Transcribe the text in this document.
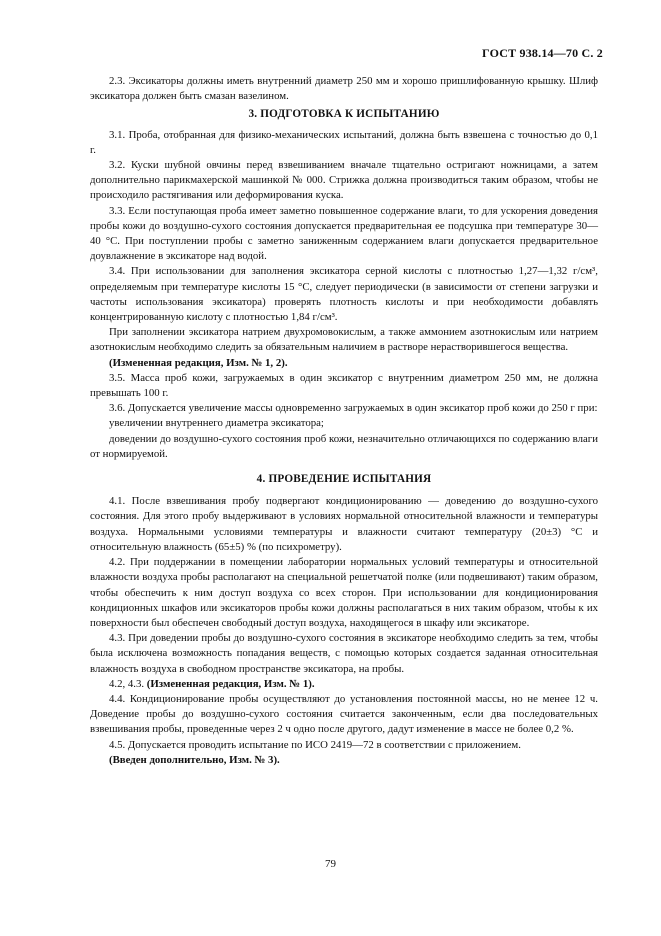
ГОСТ 938.14—70 С. 2

2.3. Эксикаторы должны иметь внутренний диаметр 250 мм и хорошо пришлифованную крышку. Шлиф эксикатора должен быть смазан вазелином.

3. ПОДГОТОВКА К ИСПЫТАНИЮ

3.1. Проба, отобранная для физико-механических испытаний, должна быть взвешена с точностью до 0,1 г.

3.2. Куски шубной овчины перед взвешиванием вначале тщательно остригают ножницами, а затем дополнительно парикмахерской машинкой № 000. Стрижка должна производиться таким образом, чтобы не происходило растягивания или деформирования куска.

3.3. Если поступающая проба имеет заметно повышенное содержание влаги, то для ускорения доведения пробы кожи до воздушно-сухого состояния допускается предварительная ее подсушка при температуре 30—40 °С. При поступлении пробы с заметно заниженным содержанием влаги допускается предварительное доувлажнение в эксикаторе над водой.

3.4. При использовании для заполнения эксикатора серной кислоты с плотностью 1,27—1,32 г/см³, определяемым при температуре кислоты 15 °С, следует периодически (в зависимости от степени загрузки и частоты использования эксикатора) проверять плотность кислоты и при необходимости добавлять концентрированную кислоту с плотностью 1,84 г/см³.

При заполнении эксикатора натрием двухромовокислым, а также аммонием азотнокислым или натрием азотнокислым необходимо следить за обязательным наличием в растворе нерастворившегося вещества.

(Измененная редакция, Изм. № 1, 2).

3.5. Масса проб кожи, загружаемых в один эксикатор с внутренним диаметром 250 мм, не должна превышать 100 г.

3.6. Допускается увеличение массы одновременно загружаемых в один эксикатор проб кожи до 250 г при:

увеличении внутреннего диаметра эксикатора;

доведении до воздушно-сухого состояния проб кожи, незначительно отличающихся по содержанию влаги от нормируемой.

4. ПРОВЕДЕНИЕ ИСПЫТАНИЯ

4.1. После взвешивания пробу подвергают кондиционированию — доведению до воздушно-сухого состояния. Для этого пробу выдерживают в условиях нормальной относительной влажности и температуры воздуха. Нормальными условиями температуры и влажности считают температуру (20±3) °С и относительную влажность (65±5) % (по психрометру).

4.2. При поддержании в помещении лаборатории нормальных условий температуры и относительной влажности воздуха пробы располагают на специальной решетчатой полке (или подвешивают) таким образом, чтобы обеспечить к ним доступ воздуха со всех сторон. При использовании для кондиционирования кондиционных шкафов или эксикаторов пробы кожи должны располагаться в них таким образом, чтобы к их поверхности был обеспечен свободный доступ воздуха, находящегося в шкафу или эксикаторе.

4.3. При доведении пробы до воздушно-сухого состояния в эксикаторе необходимо следить за тем, чтобы была исключена возможность попадания веществ, с помощью которых создается заданная относительная влажность воздуха в свободном пространстве эксикатора, на пробы.

4.2, 4.3. (Измененная редакция, Изм. № 1).

4.4. Кондиционирование пробы осуществляют до установления постоянной массы, но не менее 12 ч. Доведение пробы до воздушно-сухого состояния считается законченным, если два последовательных взвешивания пробы, проведенные через 2 ч одно после другого, дадут изменение в массе не более 0,2 %.

4.5. Допускается проводить испытание по ИСО 2419—72 в соответствии с приложением.

(Введен дополнительно, Изм. № 3).

79
